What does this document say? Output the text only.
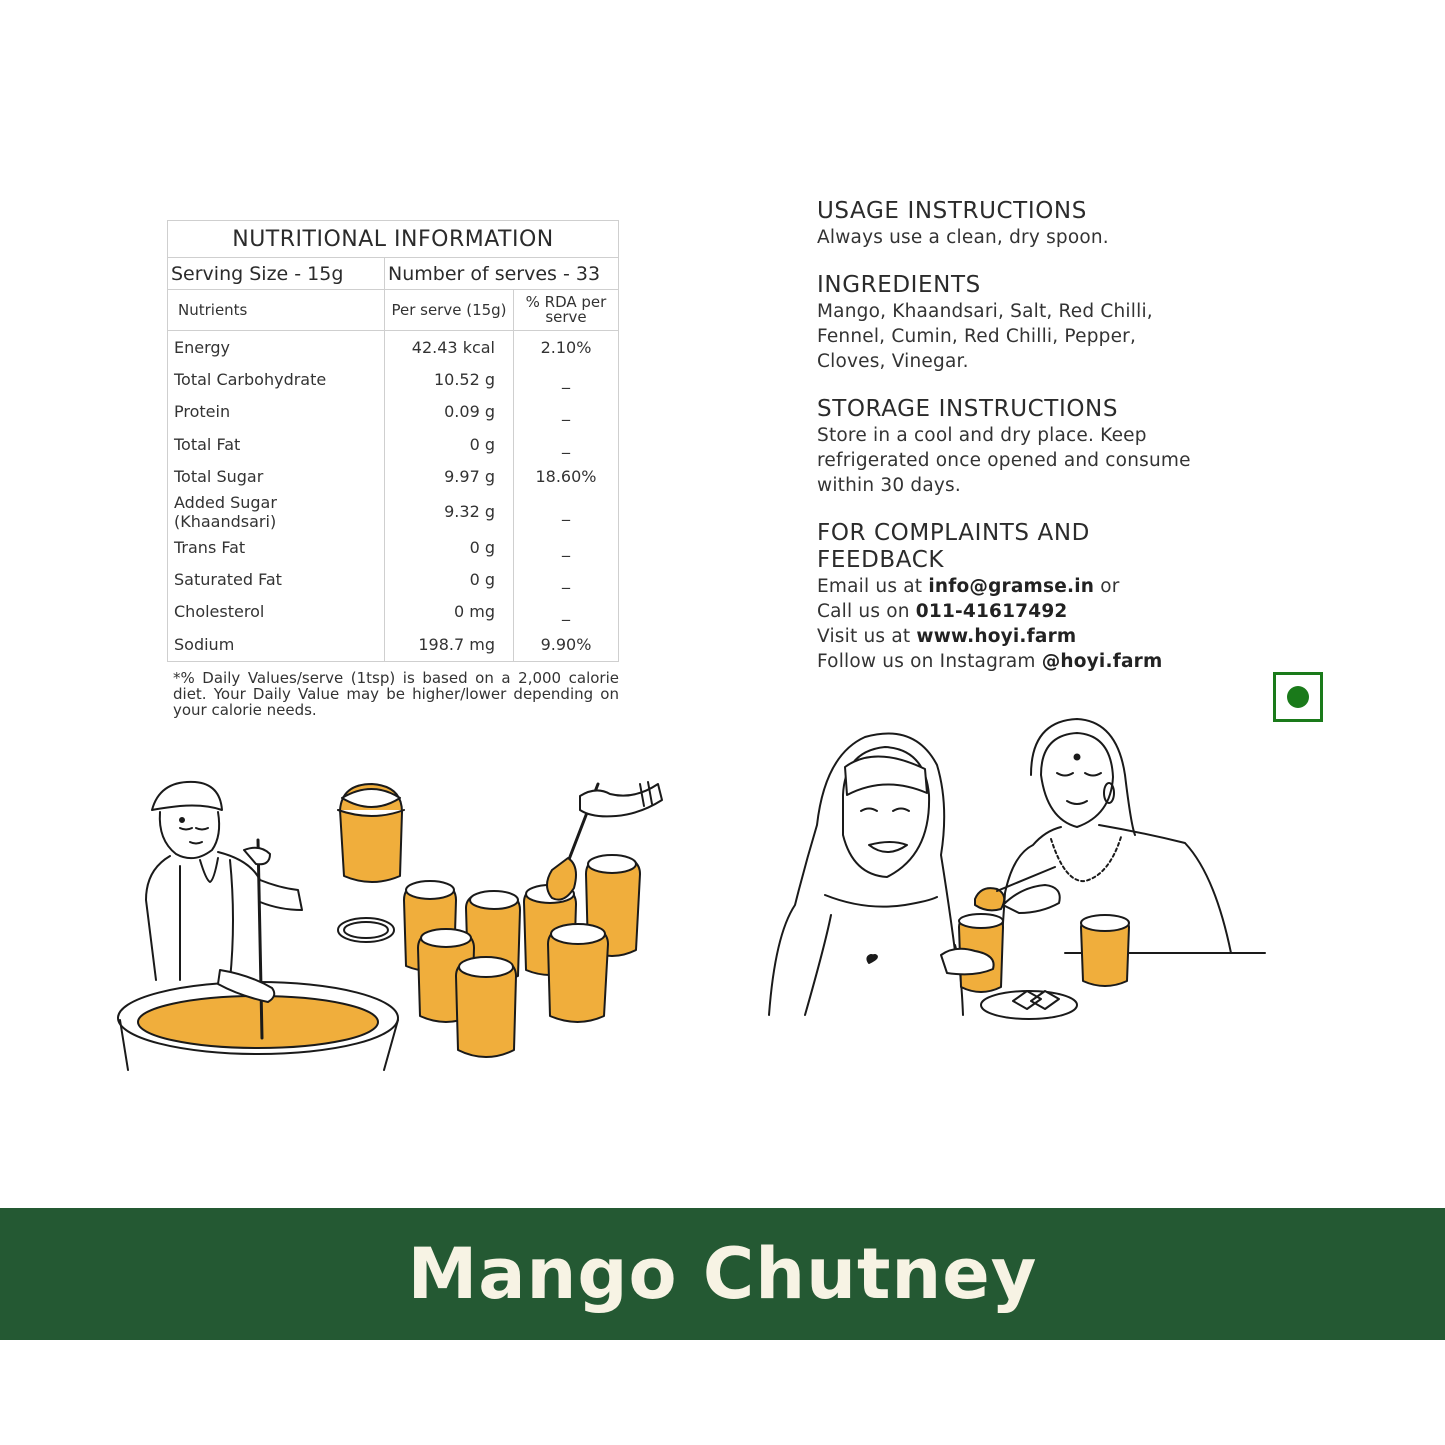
NUTRITIONAL INFORMATION		
Serving Size - 15g	Number of serves - 33	
Nutrients	Per serve (15g)	% RDA per serve
Energy	42.43 kcal	2.10%
Total Carbohydrate	10.52 g	_
Protein	0.09 g	_
Total Fat	0 g	_
Total Sugar	9.97 g	18.60%
Added Sugar (Khaandsari)	9.32 g	_
Trans Fat	0 g	_
Saturated Fat	0 g	_
Cholesterol	0 mg	_
Sodium	198.7 mg	9.90%
*% Daily Values/serve (1tsp) is based on a 2,000 calorie diet. Your Daily Value may be higher/lower depending on your calorie needs.
USAGE INSTRUCTIONS

Always use a clean, dry spoon.

INGREDIENTS

Mango, Khaandsari, Salt, Red Chilli, Fennel, Cumin, Red Chilli, Pepper, Cloves, Vinegar.

STORAGE INSTRUCTIONS

Store in a cool and dry place. Keep refrigerated once opened and consume within 30 days.

FOR COMPLAINTS AND FEEDBACK

Email us at info@gramse.in or

Call us on 011-41617492

Visit us at www.hoyi.farm

Follow us on Instagram @hoyi.farm

Mango Chutney
